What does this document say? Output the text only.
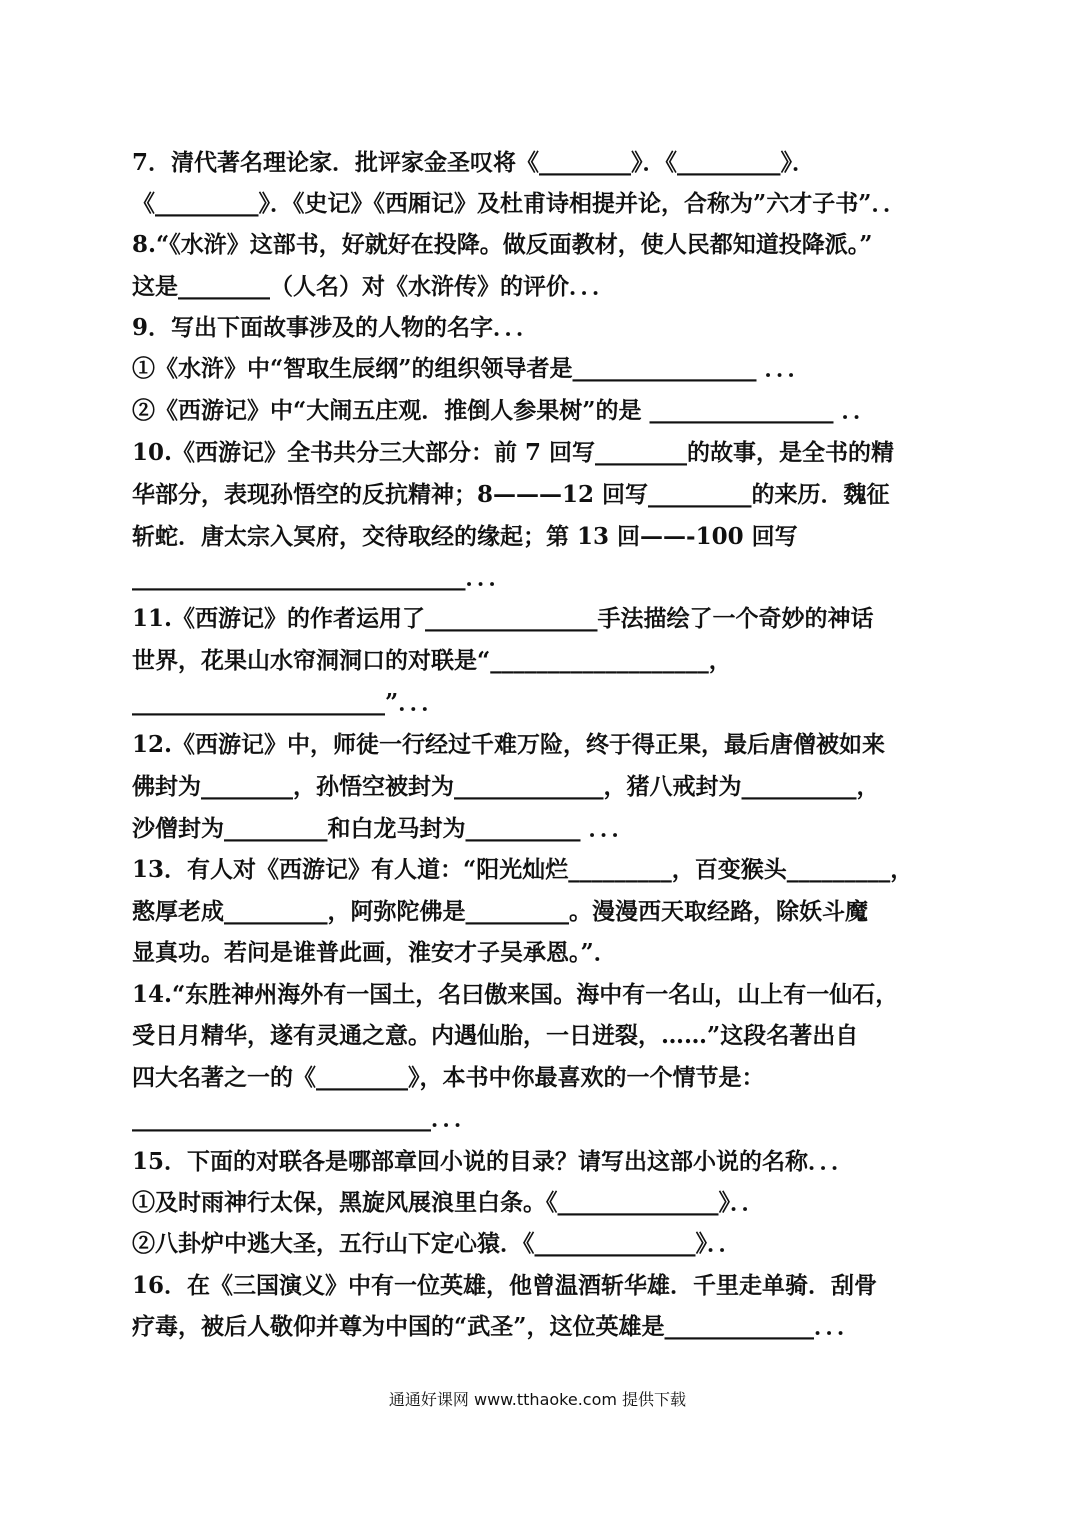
7．清代著名理论家．批评家金圣叹将《________》．《_________》．
《_________》．《史记》《西厢记》及杜甫诗相提并论，合称为”六才子书”．．
8.“《水浒》这部书，好就好在投降。做反面教材，使人民都知道投降派。”
这是________（人名）对《水浒传》的评价．．．
9．写出下面故事涉及的人物的名字．．．
①《水浒》中“智取生辰纲”的组织领导者是________________ ．．．
②《西游记》中“大闹五庄观．推倒人参果树”的是 ________________ ．．
10.《西游记》全书共分三大部分：前 7 回写________的故事，是全书的精
华部分，表现孙悟空的反抗精神；8———12 回写_________的来历．魏征
斩蛇．唐太宗入冥府，交待取经的缘起；第 13 回——-100 回写
_____________________________．．．
11.《西游记》的作者运用了_______________手法描绘了一个奇妙的神话
世界，花果山水帘洞洞口的对联是“___________________，
______________________”．．．
12.《西游记》中，师徒一行经过千难万险，终于得正果，最后唐僧被如来
佛封为________，孙悟空被封为_____________，猪八戒封为__________，
沙僧封为_________和白龙马封为__________ ．．．
13．有人对《西游记》有人道：“阳光灿烂_________，百变猴头_________，
憨厚老成_________，阿弥陀佛是_________。漫漫西天取经路，除妖斗魔
显真功。若问是谁普此画，淮安才子吴承恩。”．
14.“东胜神州海外有一国土，名曰傲来国。海中有一名山，山上有一仙石，
受日月精华，遂有灵通之意。内遇仙胎，一日迸裂，……”这段名著出自
四大名著之一的《________》，本书中你最喜欢的一个情节是：
__________________________．．．
15．下面的对联各是哪部章回小说的目录？请写出这部小说的名称．．．
①及时雨神行太保，黑旋风展浪里白条。《______________》．．
②八卦炉中逃大圣，五行山下定心猿．《______________》．．
16．在《三国演义》中有一位英雄，他曾温酒斩华雄．千里走单骑．刮骨
疗毒，被后人敬仰并尊为中国的“武圣”，这位英雄是_____________．．．
通通好课网 www.tthaoke.com 提供下载
